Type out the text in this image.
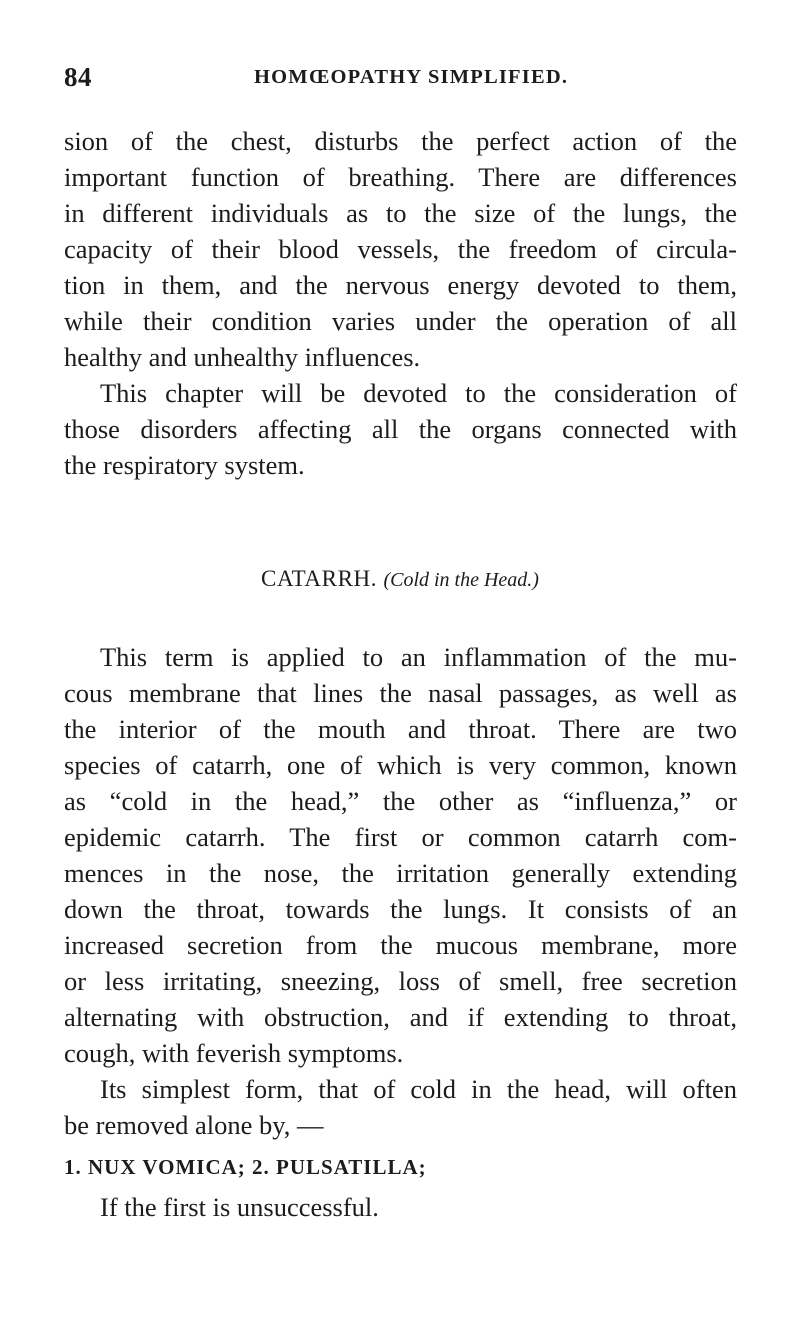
84	HOMŒOPATHY SIMPLIFIED.
sion of the chest, disturbs the perfect action of the
important function of breathing. There are differences
in different individuals as to the size of the lungs, the
capacity of their blood vessels, the freedom of circula-
tion in them, and the nervous energy devoted to them,
while their condition varies under the operation of all
healthy and unhealthy influences.
This chapter will be devoted to the consideration of
those disorders affecting all the organs connected with
the respiratory system.
CATARRH. (Cold in the Head.)
This term is applied to an inflammation of the mu-
cous membrane that lines the nasal passages, as well as
the interior of the mouth and throat. There are two
species of catarrh, one of which is very common, known
as “cold in the head,” the other as “influenza,” or
epidemic catarrh. The first or common catarrh com-
mences in the nose, the irritation generally extending
down the throat, towards the lungs. It consists of an
increased secretion from the mucous membrane, more
or less irritating, sneezing, loss of smell, free secretion
alternating with obstruction, and if extending to throat,
cough, with feverish symptoms.
Its simplest form, that of cold in the head, will often
be removed alone by, —
1. NUX VOMICA; 2. PULSATILLA;
If the first is unsuccessful.
